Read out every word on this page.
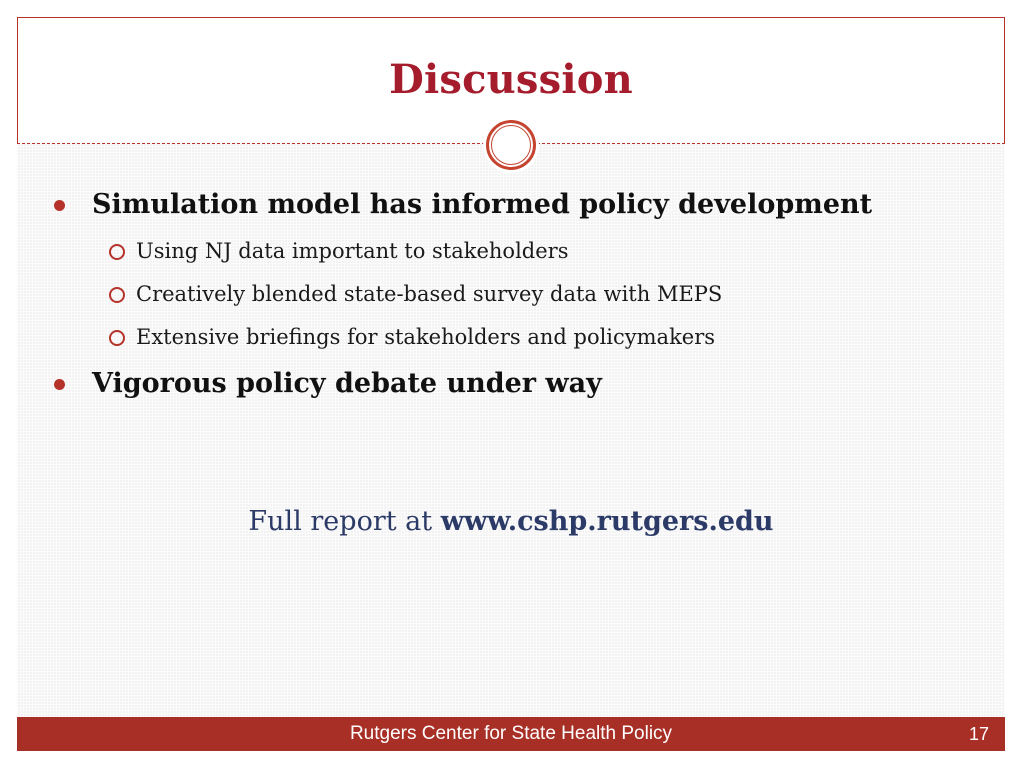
Discussion
Simulation model has informed policy development
Using NJ data important to stakeholders
Creatively blended state-based survey data with MEPS
Extensive briefings for stakeholders and policymakers
Vigorous policy debate under way
Full report at www.cshp.rutgers.edu
Rutgers Center for State Health Policy	17
